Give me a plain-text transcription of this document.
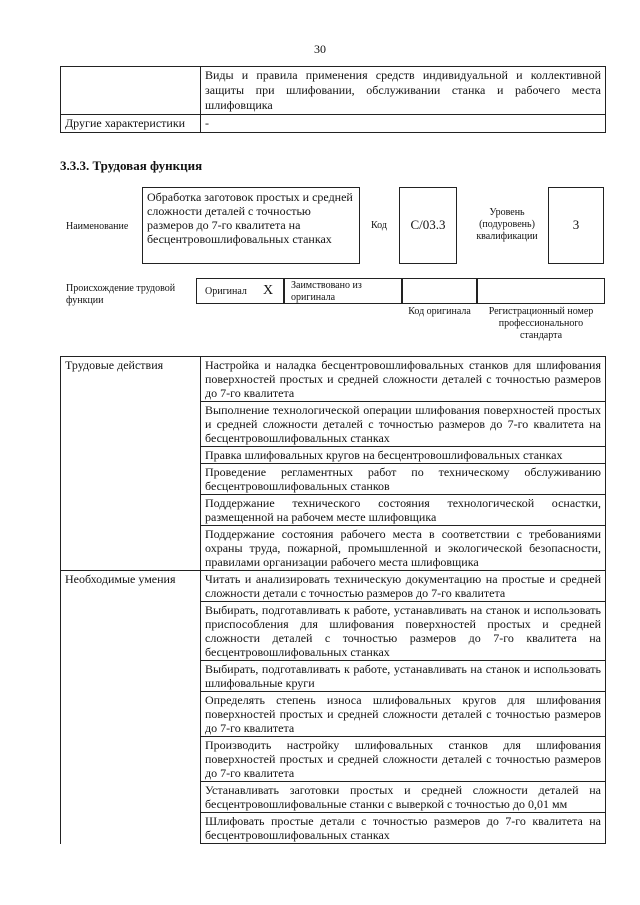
30
	Виды и правила применения средств индивидуальной и коллективной защиты при шлифовании, обслуживании станка и рабочего места шлифовщика
Другие характеристики	-
3.3.3. Трудовая функция
Наименование
Обработка заготовок простых и средней сложности деталей с точностью размеров до 7-го квалитета на бесцентровошлифовальных станках
Код	С/03.3
Уровень (подуровень) квалификации
3
Происхождение трудовой функции
Оригинал X Заимствовано из оригинала
Код оригинала	Регистрационный номер профессионального стандарта
Трудовые действия	Настройка и наладка бесцентровошлифовальных станков для шлифования поверхностей простых и средней сложности деталей с точностью размеров до 7-го квалитета
	Выполнение технологической операции шлифования поверхностей простых и средней сложности деталей с точностью размеров до 7-го квалитета на бесцентровошлифовальных станках
	Правка шлифовальных кругов на бесцентровошлифовальных станках
	Проведение регламентных работ по техническому обслуживанию бесцентровошлифовальных станков
	Поддержание технического состояния технологической оснастки, размещенной на рабочем месте шлифовщика
	Поддержание состояния рабочего места в соответствии с требованиями охраны труда, пожарной, промышленной и экологической безопасности, правилами организации рабочего места шлифовщика
Необходимые умения	Читать и анализировать техническую документацию на простые и средней сложности детали с точностью размеров до 7-го квалитета
	Выбирать, подготавливать к работе, устанавливать на станок и использовать приспособления для шлифования поверхностей простых и средней сложности деталей с точностью размеров до 7-го квалитета на бесцентровошлифовальных станках
	Выбирать, подготавливать к работе, устанавливать на станок и использовать шлифовальные круги
	Определять степень износа шлифовальных кругов для шлифования поверхностей простых и средней сложности деталей с точностью размеров до 7-го квалитета
	Производить настройку шлифовальных станков для шлифования поверхностей простых и средней сложности деталей с точностью размеров до 7-го квалитета
	Устанавливать заготовки простых и средней сложности деталей на бесцентровошлифовальные станки с выверкой с точностью до 0,01 мм
	Шлифовать простые детали с точностью размеров до 7-го квалитета на бесцентровошлифовальных станках
